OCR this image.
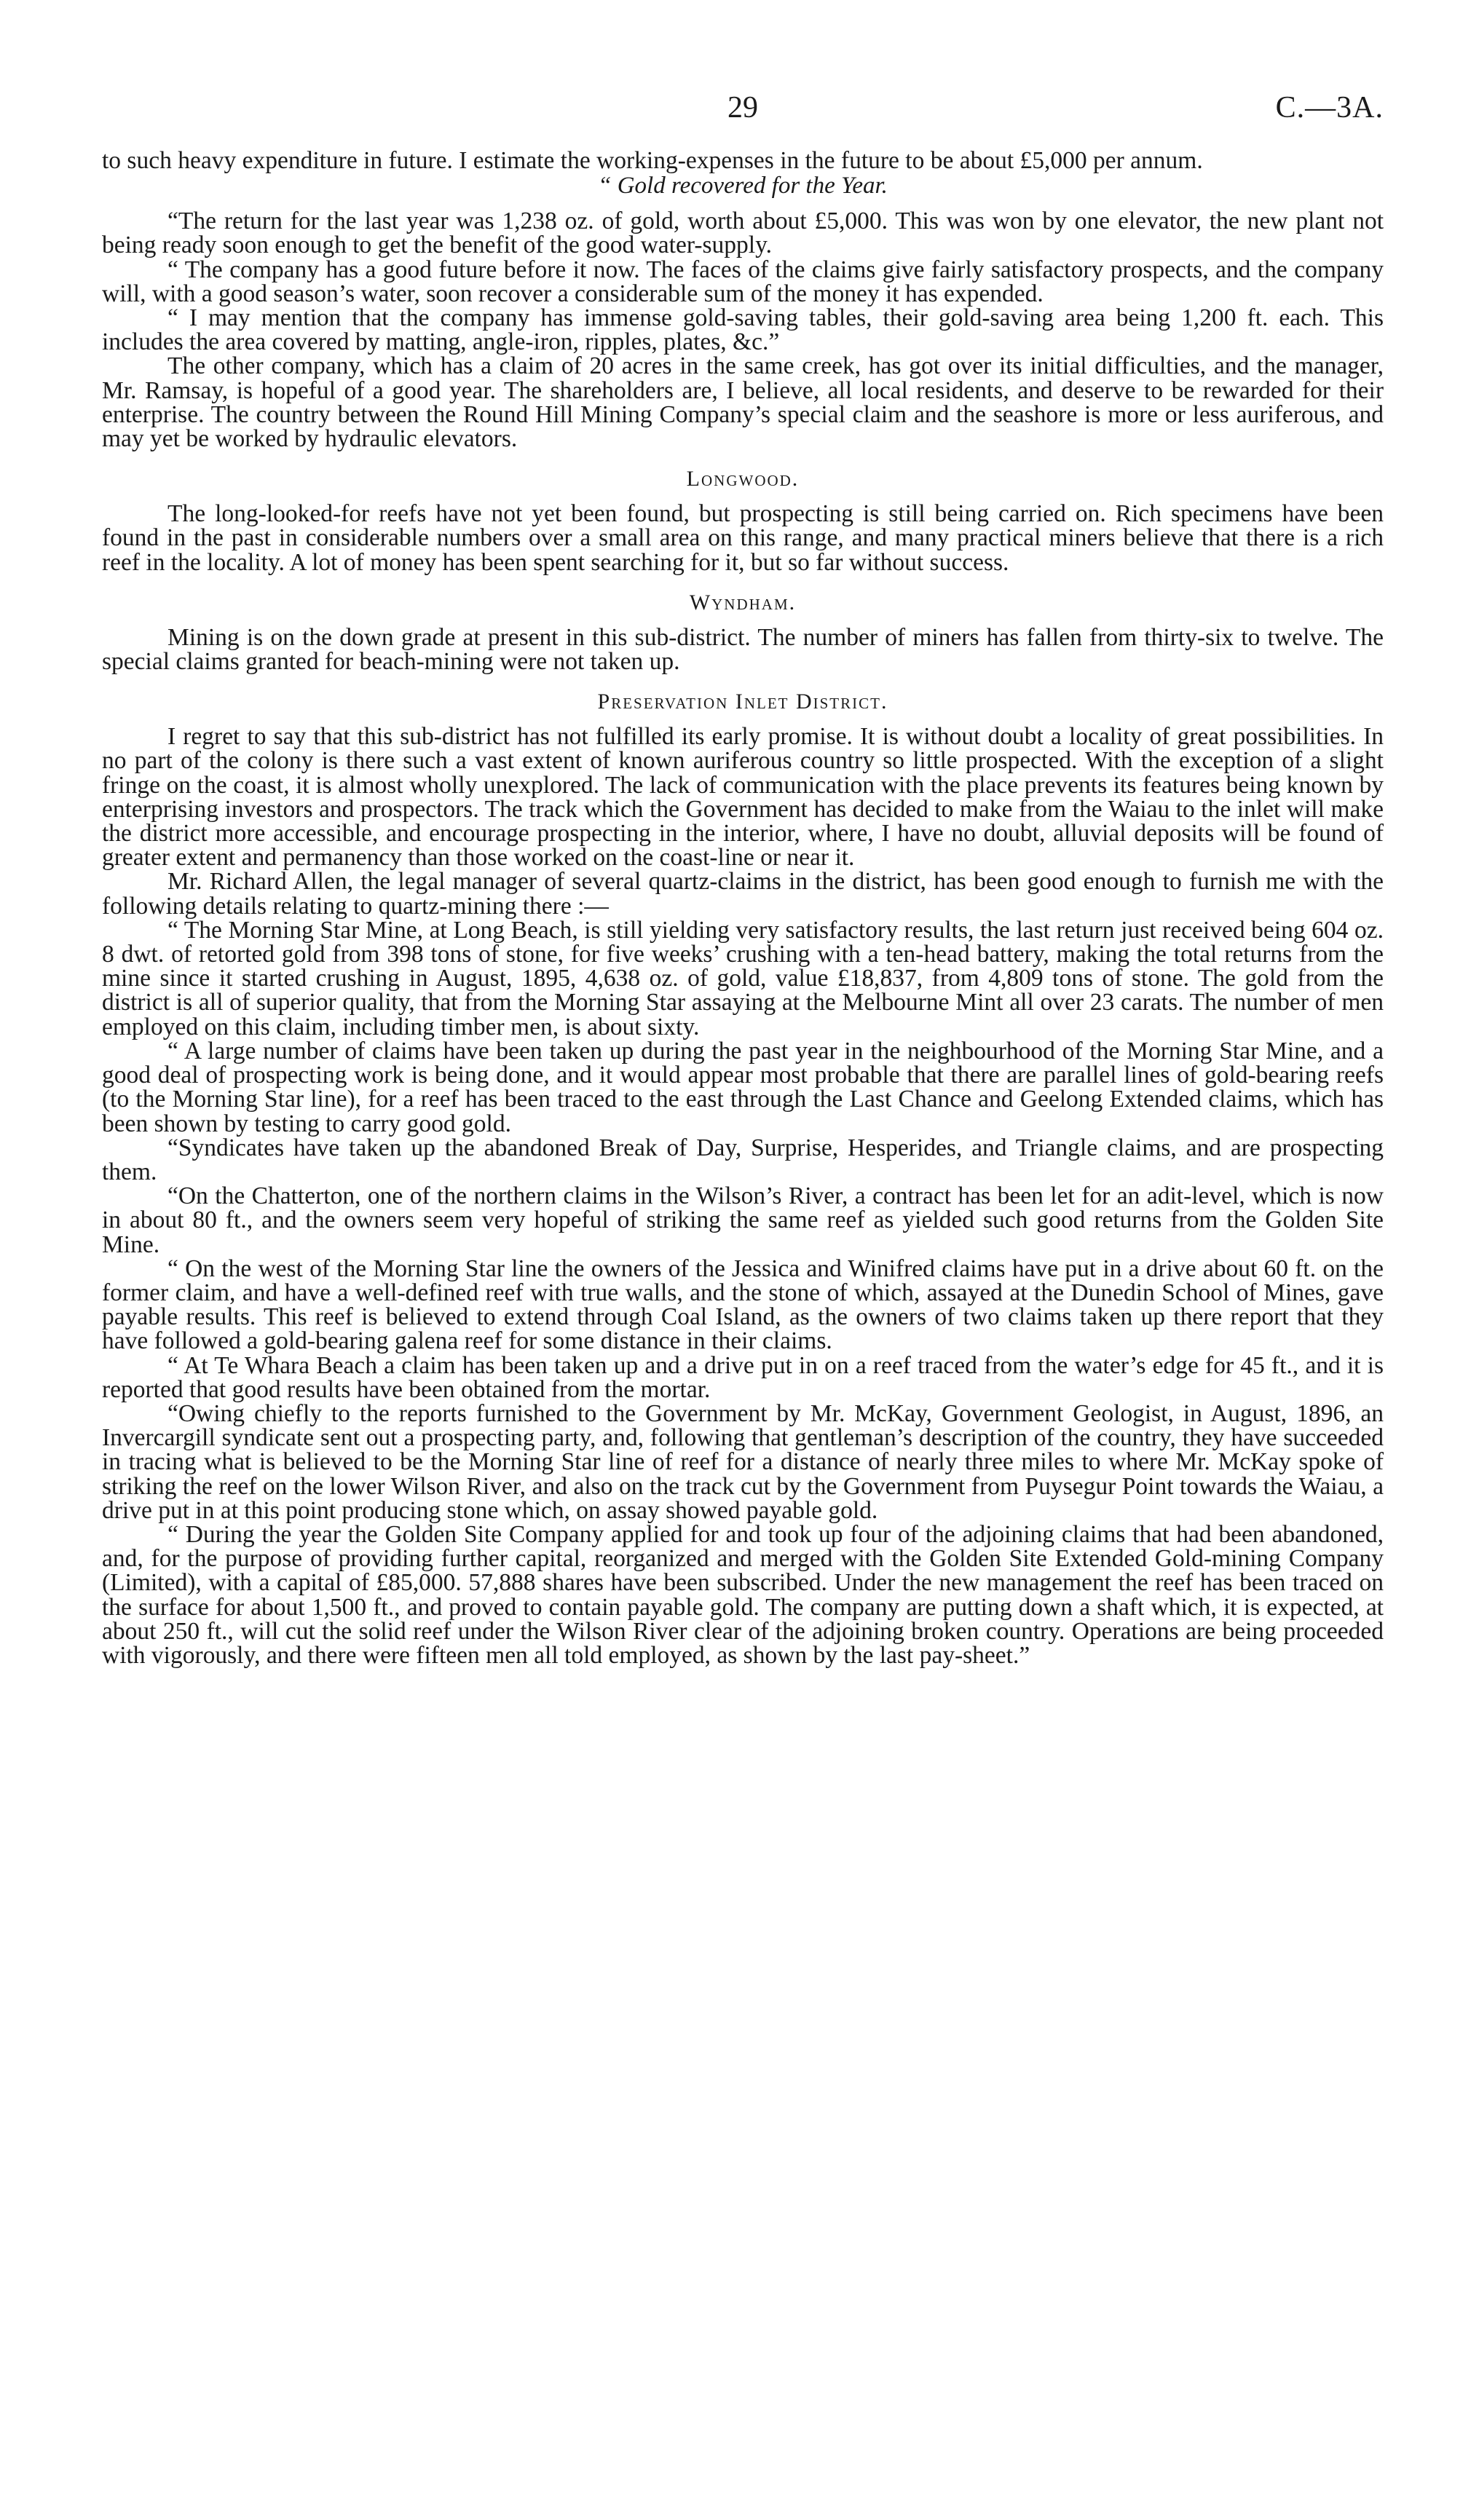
29	C.—3A.

to such heavy expenditure in future. I estimate the working-expenses in the future to be about £5,000 per annum.

“ Gold recovered for the Year.

“The return for the last year was 1,238 oz. of gold, worth about £5,000. This was won by one elevator, the new plant not being ready soon enough to get the benefit of the good water-supply.

“ The company has a good future before it now. The faces of the claims give fairly satisfactory prospects, and the company will, with a good season’s water, soon recover a considerable sum of the money it has expended.

“ I may mention that the company has immense gold-saving tables, their gold-saving area being 1,200 ft. each. This includes the area covered by matting, angle-iron, ripples, plates, &c.”

The other company, which has a claim of 20 acres in the same creek, has got over its initial difficulties, and the manager, Mr. Ramsay, is hopeful of a good year. The shareholders are, I believe, all local residents, and deserve to be rewarded for their enterprise. The country between the Round Hill Mining Company’s special claim and the seashore is more or less auriferous, and may yet be worked by hydraulic elevators.

Longwood.

The long-looked-for reefs have not yet been found, but prospecting is still being carried on. Rich specimens have been found in the past in considerable numbers over a small area on this range, and many practical miners believe that there is a rich reef in the locality. A lot of money has been spent searching for it, but so far without success.

Wyndham.

Mining is on the down grade at present in this sub-district. The number of miners has fallen from thirty-six to twelve. The special claims granted for beach-mining were not taken up.

Preservation Inlet District.

I regret to say that this sub-district has not fulfilled its early promise. It is without doubt a locality of great possibilities. In no part of the colony is there such a vast extent of known auriferous country so little prospected. With the exception of a slight fringe on the coast, it is almost wholly unexplored. The lack of communication with the place prevents its features being known by enterprising investors and prospectors. The track which the Government has decided to make from the Waiau to the inlet will make the district more accessible, and encourage prospecting in the interior, where, I have no doubt, alluvial deposits will be found of greater extent and permanency than those worked on the coast-line or near it.

Mr. Richard Allen, the legal manager of several quartz-claims in the district, has been good enough to furnish me with the following details relating to quartz-mining there :—

“ The Morning Star Mine, at Long Beach, is still yielding very satisfactory results, the last return just received being 604 oz. 8 dwt. of retorted gold from 398 tons of stone, for five weeks’ crushing with a ten-head battery, making the total returns from the mine since it started crushing in August, 1895, 4,638 oz. of gold, value £18,837, from 4,809 tons of stone. The gold from the district is all of superior quality, that from the Morning Star assaying at the Melbourne Mint all over 23 carats. The number of men employed on this claim, including timber men, is about sixty.

“ A large number of claims have been taken up during the past year in the neighbourhood of the Morning Star Mine, and a good deal of prospecting work is being done, and it would appear most probable that there are parallel lines of gold-bearing reefs (to the Morning Star line), for a reef has been traced to the east through the Last Chance and Geelong Extended claims, which has been shown by testing to carry good gold.

“Syndicates have taken up the abandoned Break of Day, Surprise, Hesperides, and Triangle claims, and are prospecting them.

“On the Chatterton, one of the northern claims in the Wilson’s River, a contract has been let for an adit-level, which is now in about 80 ft., and the owners seem very hopeful of striking the same reef as yielded such good returns from the Golden Site Mine.

“ On the west of the Morning Star line the owners of the Jessica and Winifred claims have put in a drive about 60 ft. on the former claim, and have a well-defined reef with true walls, and the stone of which, assayed at the Dunedin School of Mines, gave payable results. This reef is believed to extend through Coal Island, as the owners of two claims taken up there report that they have followed a gold-bearing galena reef for some distance in their claims.

“ At Te Whara Beach a claim has been taken up and a drive put in on a reef traced from the water’s edge for 45 ft., and it is reported that good results have been obtained from the mortar.

“Owing chiefly to the reports furnished to the Government by Mr. McKay, Government Geologist, in August, 1896, an Invercargill syndicate sent out a prospecting party, and, following that gentleman’s description of the country, they have succeeded in tracing what is believed to be the Morning Star line of reef for a distance of nearly three miles to where Mr. McKay spoke of striking the reef on the lower Wilson River, and also on the track cut by the Government from Puysegur Point towards the Waiau, a drive put in at this point producing stone which, on assay showed payable gold.

“ During the year the Golden Site Company applied for and took up four of the adjoining claims that had been abandoned, and, for the purpose of providing further capital, reorganized and merged with the Golden Site Extended Gold-mining Company (Limited), with a capital of £85,000. 57,888 shares have been subscribed. Under the new management the reef has been traced on the surface for about 1,500 ft., and proved to contain payable gold. The company are putting down a shaft which, it is expected, at about 250 ft., will cut the solid reef under the Wilson River clear of the adjoining broken country. Operations are being proceeded with vigorously, and there were fifteen men all told employed, as shown by the last pay-sheet.”
